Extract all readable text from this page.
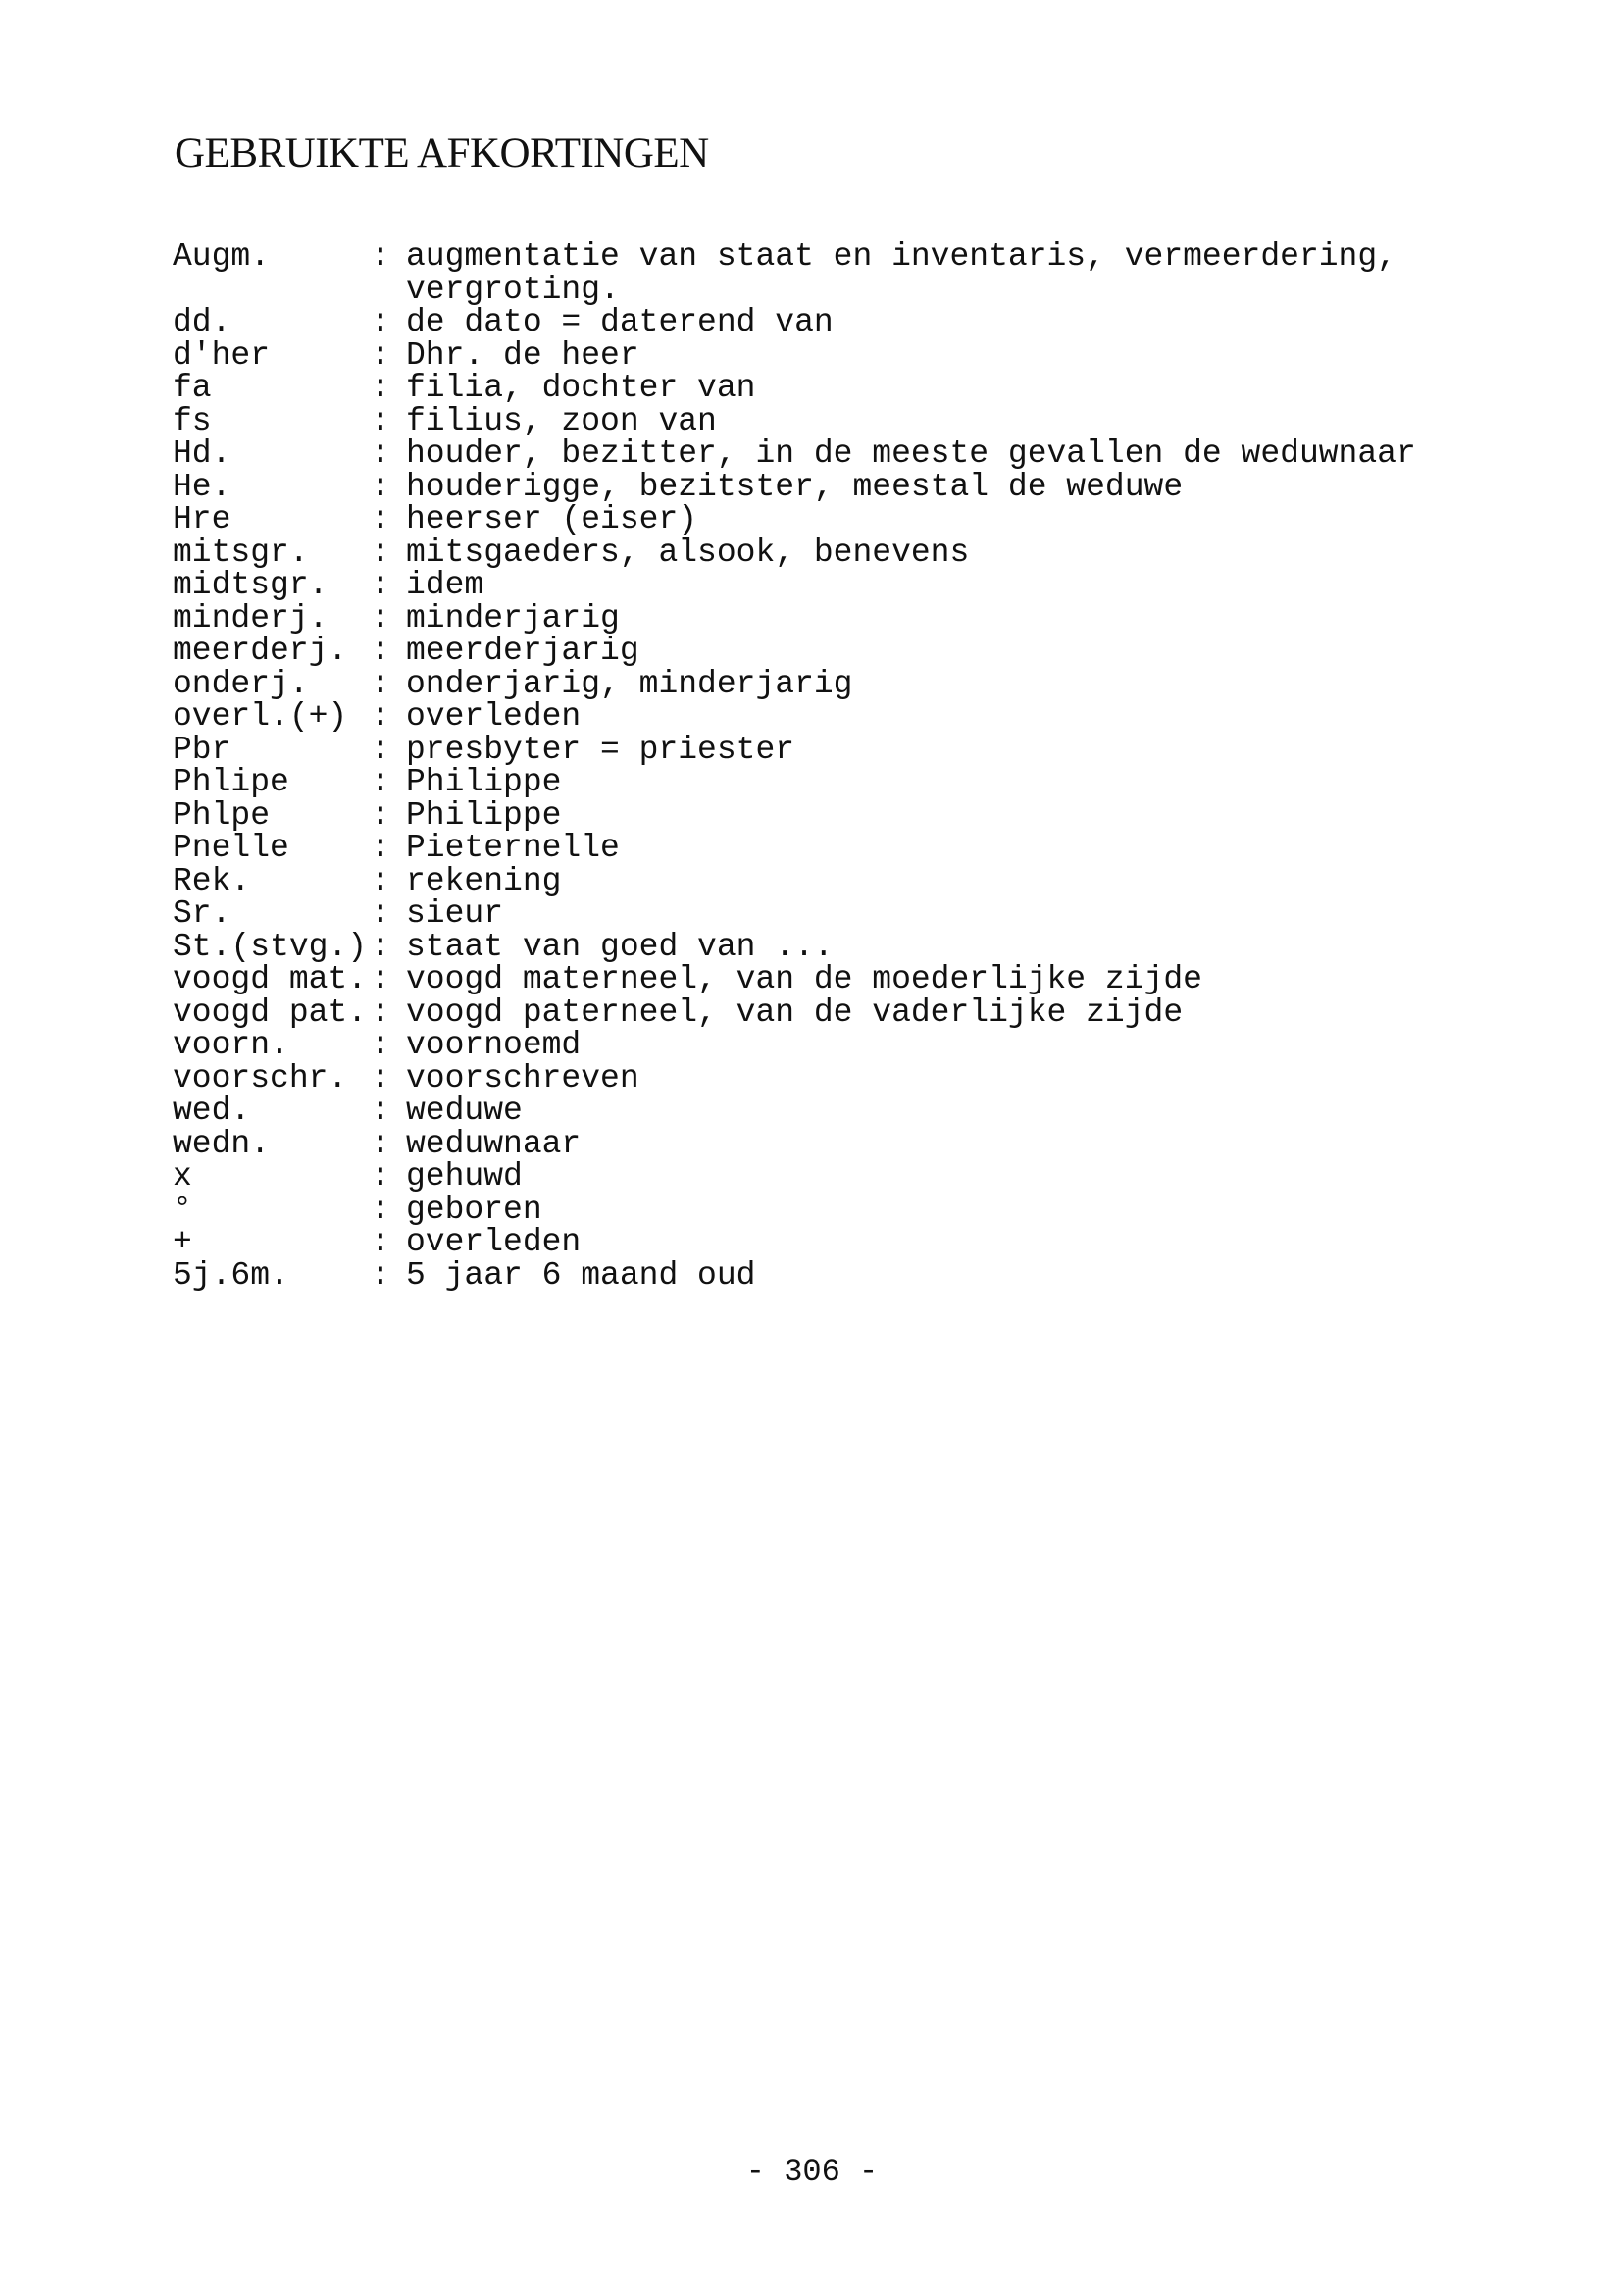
GEBRUIKTE AFKORTINGEN
Augm.	: augmentatie van staat en inventaris, vermeerdering,
vergroting.
dd.	: de dato = daterend van
d'her	: Dhr. de heer
fa	: filia, dochter van
fs	: filius, zoon van
Hd.	: houder, bezitter, in de meeste gevallen de weduwnaar
He.	: houderigge, bezitster, meestal de weduwe
Hre	: heerser (eiser)
mitsgr.	: mitsgaeders, alsook, benevens
midtsgr.	: idem
minderj.	: minderjarig
meerderj. : meerderjarig
onderj.	: onderjarig, minderjarig
overl.(+) : overleden
Pbr	: presbyter = priester
Phlipe	: Philippe
Phlpe	: Philippe
Pnelle	: Pieternelle
Rek.	: rekening
Sr.	: sieur
St.(stvg.) : staat van goed van ...
voogd mat. : voogd materneel, van de moederlijke zijde
voogd pat. : voogd paterneel, van de vaderlijke zijde
voorn.	: voornoemd
voorschr. : voorschreven
wed.	: weduwe
wedn.	: weduwnaar
x	: gehuwd
°	: geboren
+	: overleden
5j.6m.	: 5 jaar 6 maand oud
- 306 -
